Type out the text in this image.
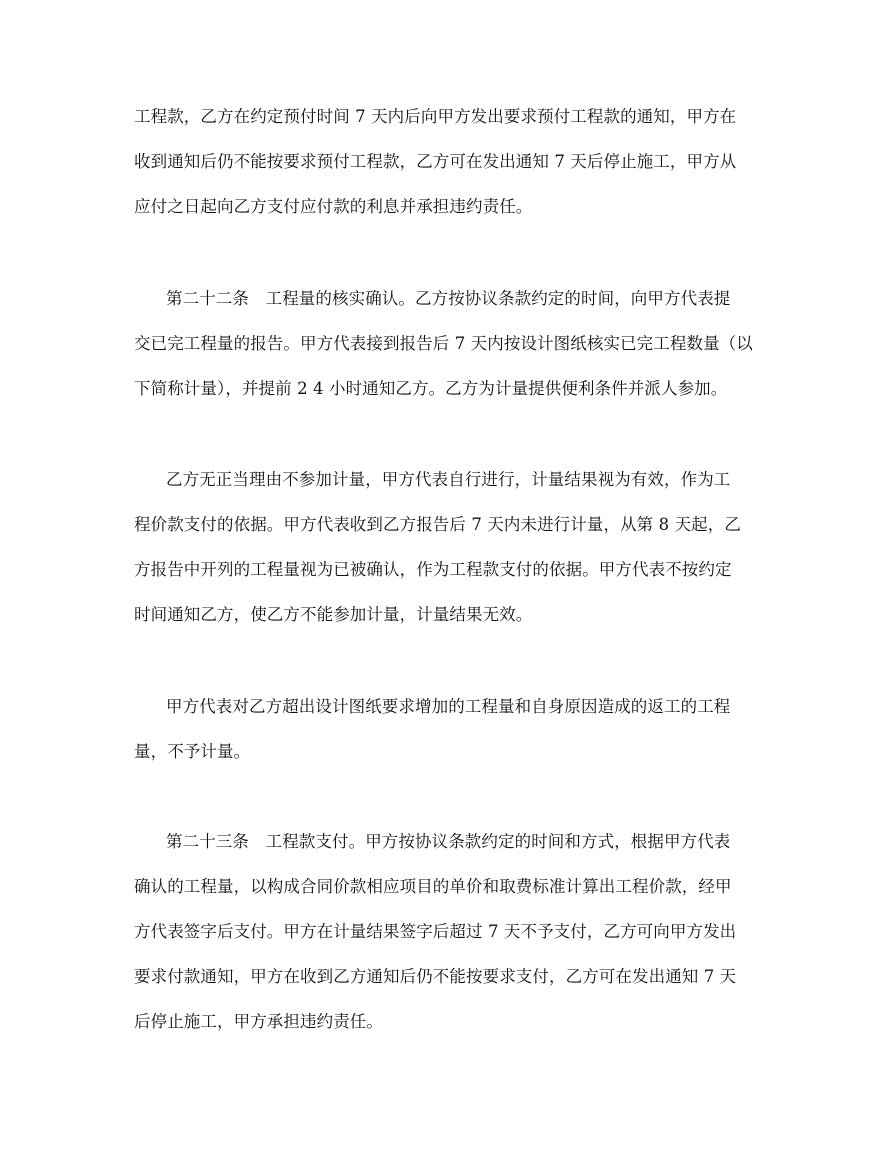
工程款，乙方在约定预付时间 7 天内后向甲方发出要求预付工程款的通知，甲方在
收到通知后仍不能按要求预付工程款，乙方可在发出通知 7 天后停止施工，甲方从
应付之日起向乙方支付应付款的利息并承担违约责任。
第二十二条　工程量的核实确认。乙方按协议条款约定的时间，向甲方代表提
交已完工程量的报告。甲方代表接到报告后 7 天内按设计图纸核实已完工程数量（以
下简称计量），并提前 2 4 小时通知乙方。乙方为计量提供便利条件并派人参加。
乙方无正当理由不参加计量，甲方代表自行进行，计量结果视为有效，作为工
程价款支付的依据。甲方代表收到乙方报告后 7 天内未进行计量，从第 8 天起，乙
方报告中开列的工程量视为已被确认，作为工程款支付的依据。甲方代表不按约定
时间通知乙方，使乙方不能参加计量，计量结果无效。
甲方代表对乙方超出设计图纸要求增加的工程量和自身原因造成的返工的工程
量，不予计量。
第二十三条　工程款支付。甲方按协议条款约定的时间和方式，根据甲方代表
确认的工程量，以构成合同价款相应项目的单价和取费标准计算出工程价款，经甲
方代表签字后支付。甲方在计量结果签字后超过 7 天不予支付，乙方可向甲方发出
要求付款通知，甲方在收到乙方通知后仍不能按要求支付，乙方可在发出通知 7 天
后停止施工，甲方承担违约责任。
